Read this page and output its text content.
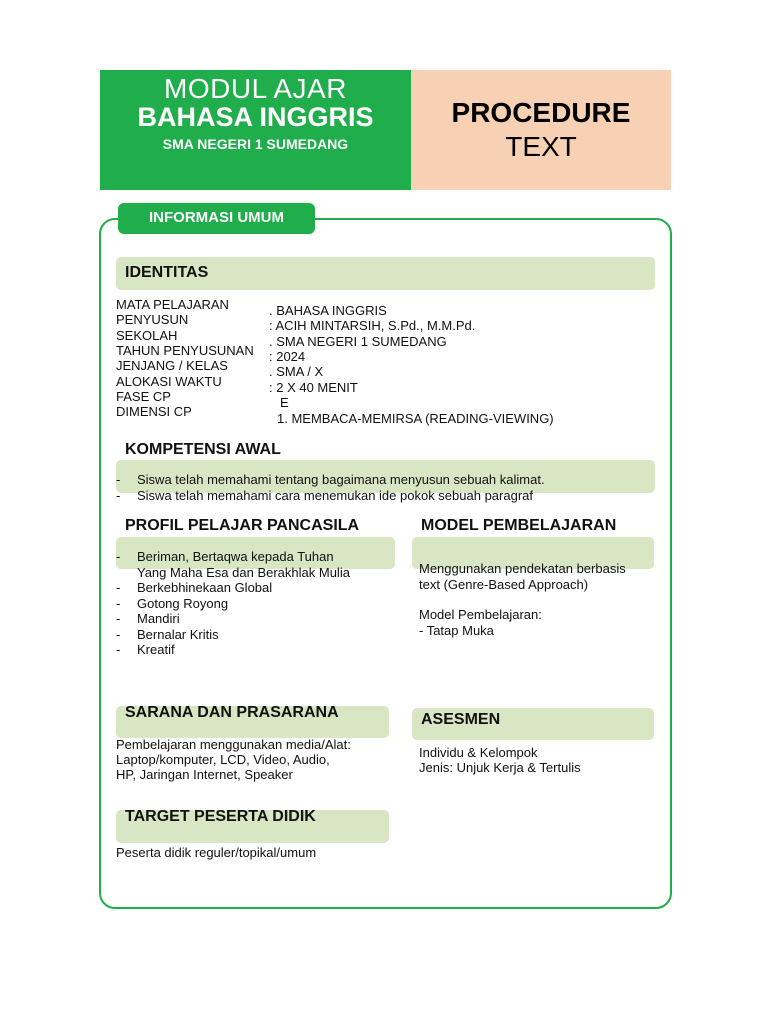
MODUL AJAR
BAHASA INGGRIS
SMA NEGERI 1 SUMEDANG
PROCEDURE
TEXT
INFORMASI UMUM
IDENTITAS
MATA PELAJARAN
PENYUSUN
SEKOLAH
TAHUN PENYUSUNAN
JENJANG / KELAS
ALOKASI WAKTU
FASE CP
DIMENSI CP
. BAHASA INGGRIS
: ACIH MINTARSIH, S.Pd., M.M.Pd.
. SMA NEGERI 1 SUMEDANG
: 2024
. SMA / X
: 2 X 40 MENIT
E
1. MEMBACA-MEMIRSA (READING-VIEWING)
KOMPETENSI AWAL
- Siswa telah memahami tentang bagaimana menyusun sebuah kalimat.
- Siswa telah memahami cara menemukan ide pokok sebuah paragraf
PROFIL PELAJAR PANCASILA
- Beriman, Bertaqwa kepada Tuhan
Yang Maha Esa dan Berakhlak Mulia
- Berkebhinekaan Global
- Gotong Royong
- Mandiri
- Bernalar Kritis
- Kreatif
MODEL PEMBELAJARAN
Menggunakan pendekatan berbasis
text (Genre-Based Approach)
Model Pembelajaran:
- Tatap Muka
SARANA DAN PRASARANA
Pembelajaran menggunakan media/Alat:
Laptop/komputer, LCD, Video, Audio,
HP, Jaringan Internet, Speaker
ASESMEN
Individu & Kelompok
Jenis: Unjuk Kerja & Tertulis
TARGET PESERTA DIDIK
Peserta didik reguler/topikal/umum
